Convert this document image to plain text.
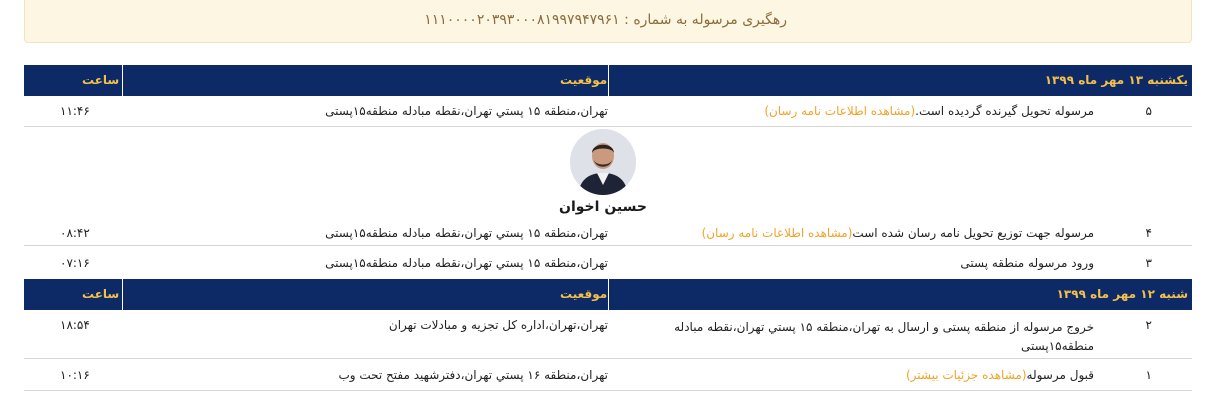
رهگیری مرسوله به شماره : ۱۱۱۰۰۰۰۲۰۳۹۳۰۰۰۸۱۹۹۷۹۴۷۹۶۱
یکشنبه ۱۳ مهر ماه ۱۳۹۹
موقعیت
ساعت
۵
مرسوله تحویل گیرنده گردیده است.(مشاهده اطلاعات نامه رسان)
تهران،منطقه ۱۵ پستي تهران،نقطه مبادله منطقه۱۵پستی
۱۱:۴۶
حسین اخوان
۴
مرسوله جهت توزیع تحویل نامه رسان شده است(مشاهده اطلاعات نامه رسان)
تهران،منطقه ۱۵ پستي تهران،نقطه مبادله منطقه۱۵پستی
۰۸:۴۲
۳
ورود مرسوله منطقه پستی
تهران،منطقه ۱۵ پستي تهران،نقطه مبادله منطقه۱۵پستی
۰۷:۱۶
شنبه ۱۲ مهر ماه ۱۳۹۹
موقعیت
ساعت
۲
خروج مرسوله از منطقه پستی و ارسال به تهران،منطقه ۱۵ پستي تهران،نقطه مبادله منطقه۱۵پستی
تهران،تهران،اداره کل تجزیه و مبادلات تهران
۱۸:۵۴
۱
قبول مرسوله(مشاهده جزئیات بیشتر)
تهران،منطقه ۱۶ پستي تهران،دفترشهید مفتح تحت وب
۱۰:۱۶
